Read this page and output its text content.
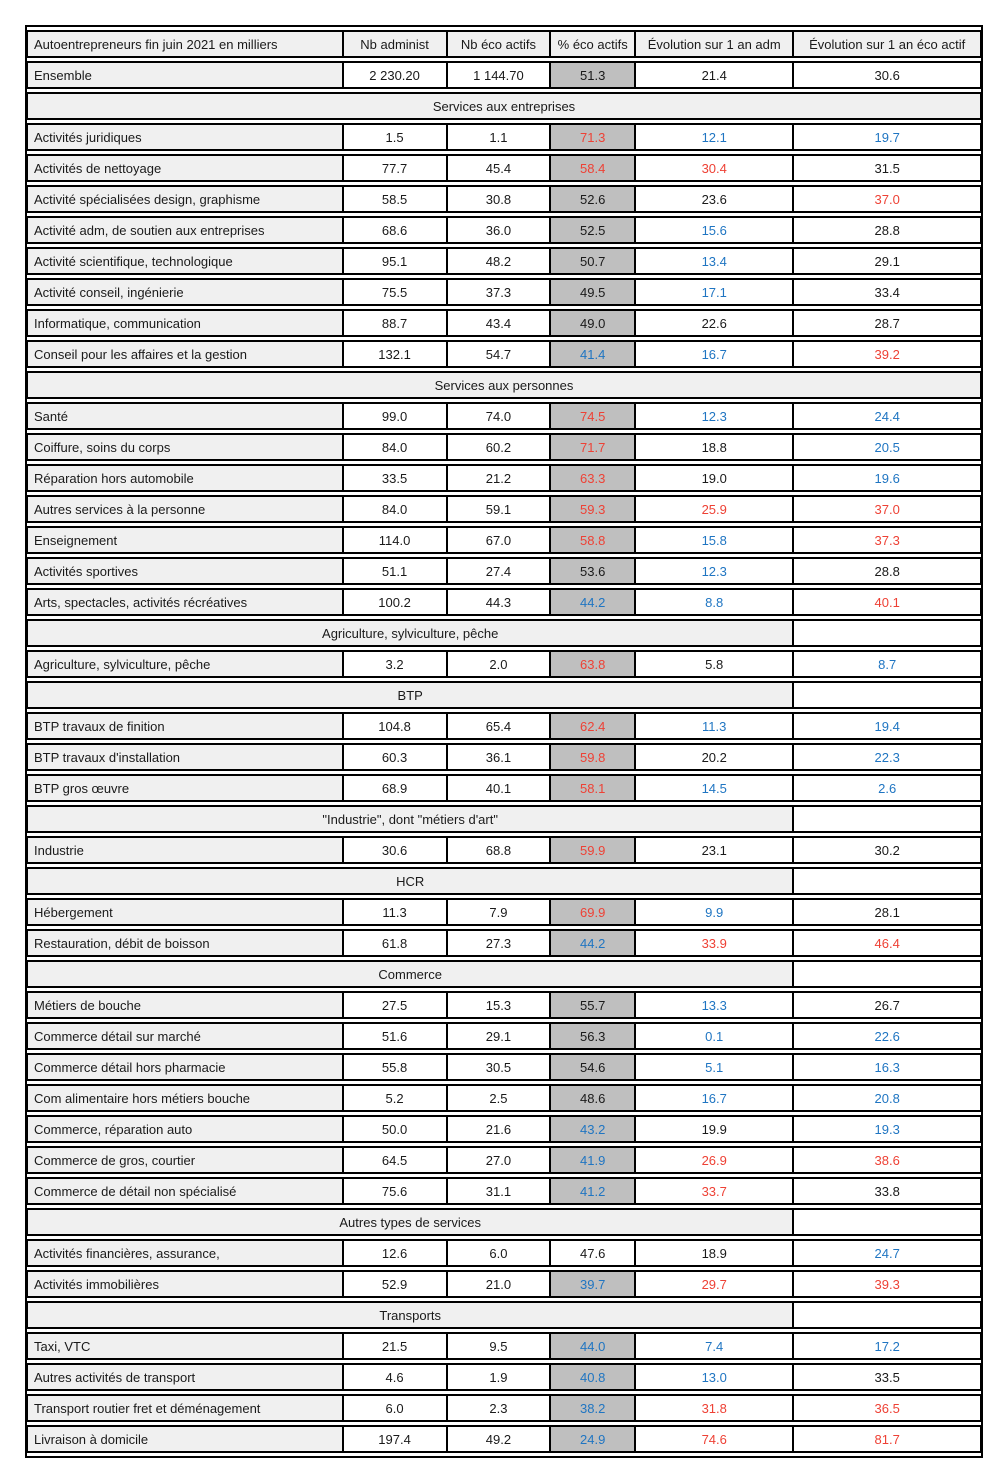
Autoentrepreneurs fin juin 2021 en milliers	Nb administ	Nb éco actifs	% éco actifs	Évolution sur 1 an adm	Évolution sur 1 an éco actif
Ensemble	2 230.20	1 144.70	51.3	21.4	30.6
Services aux entreprises					
Activités juridiques	1.5	1.1	71.3	12.1	19.7
Activités de nettoyage	77.7	45.4	58.4	30.4	31.5
Activité spécialisées design, graphisme	58.5	30.8	52.6	23.6	37.0
Activité adm, de soutien aux entreprises	68.6	36.0	52.5	15.6	28.8
Activité scientifique, technologique	95.1	48.2	50.7	13.4	29.1
Activité conseil, ingénierie	75.5	37.3	49.5	17.1	33.4
Informatique, communication	88.7	43.4	49.0	22.6	28.7
Conseil pour les affaires et la gestion	132.1	54.7	41.4	16.7	39.2
Services aux personnes					
Santé	99.0	74.0	74.5	12.3	24.4
Coiffure, soins du corps	84.0	60.2	71.7	18.8	20.5
Réparation hors automobile	33.5	21.2	63.3	19.0	19.6
Autres services à la personne	84.0	59.1	59.3	25.9	37.0
Enseignement	114.0	67.0	58.8	15.8	37.3
Activités sportives	51.1	27.4	53.6	12.3	28.8
Arts, spectacles, activités récréatives	100.2	44.3	44.2	8.8	40.1
Agriculture, sylviculture, pêche					
Agriculture, sylviculture, pêche	3.2	2.0	63.8	5.8	8.7
BTP					
BTP travaux de finition	104.8	65.4	62.4	11.3	19.4
BTP travaux d'installation	60.3	36.1	59.8	20.2	22.3
BTP gros œuvre	68.9	40.1	58.1	14.5	2.6
"Industrie", dont "métiers d'art"					
Industrie	30.6	68.8	59.9	23.1	30.2
HCR					
Hébergement	11.3	7.9	69.9	9.9	28.1
Restauration, débit de boisson	61.8	27.3	44.2	33.9	46.4
Commerce					
Métiers de bouche	27.5	15.3	55.7	13.3	26.7
Commerce détail sur marché	51.6	29.1	56.3	0.1	22.6
Commerce détail hors pharmacie	55.8	30.5	54.6	5.1	16.3
Com alimentaire hors métiers bouche	5.2	2.5	48.6	16.7	20.8
Commerce, réparation auto	50.0	21.6	43.2	19.9	19.3
Commerce de gros, courtier	64.5	27.0	41.9	26.9	38.6
Commerce de détail non spécialisé	75.6	31.1	41.2	33.7	33.8
Autres types de services					
Activités financières, assurance,	12.6	6.0	47.6	18.9	24.7
Activités immobilières	52.9	21.0	39.7	29.7	39.3
Transports					
Taxi, VTC	21.5	9.5	44.0	7.4	17.2
Autres activités de transport	4.6	1.9	40.8	13.0	33.5
Transport routier fret et déménagement	6.0	2.3	38.2	31.8	36.5
Livraison à domicile	197.4	49.2	24.9	74.6	81.7
